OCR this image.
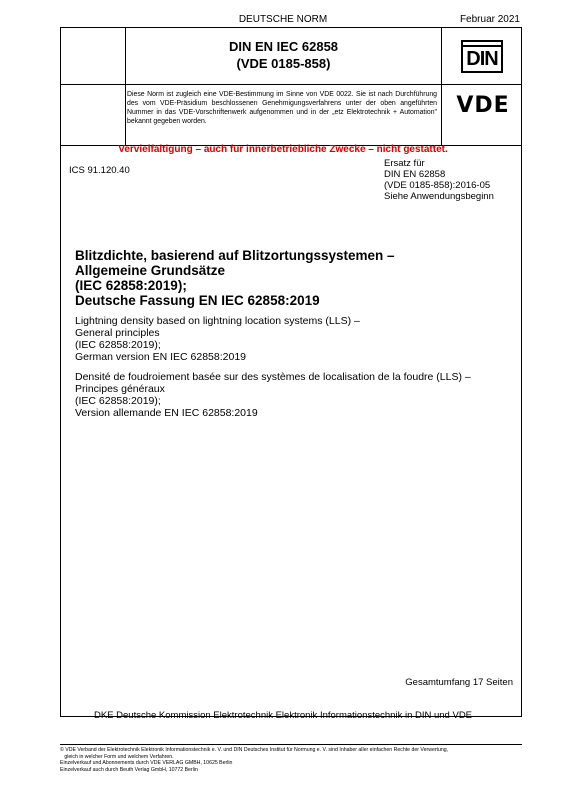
DEUTSCHE NORM	Februar 2021
DIN EN IEC 62858
(VDE 0185-858)	DIN
Diese Norm ist zugleich eine VDE-Bestimmung im Sinne von VDE 0022. Sie ist nach Durchführung des vom VDE-Präsidium beschlossenen Genehmigungsverfahrens unter der oben angeführten Nummer in das VDE-Vorschriftenwerk aufgenommen und in der „etz Elektrotechnik + Automation" bekannt gegeben worden.
VDE
Gesamtumfang 17 Seiten
Vervielfältigung – auch für innerbetriebliche Zwecke – nicht gestattet.
ICS 91.120.40
Ersatz für
DIN EN 62858
(VDE 0185-858):2016-05
Siehe Anwendungsbeginn
Blitzdichte, basierend auf Blitzortungssystemen –
Allgemeine Grundsätze
(IEC 62858:2019);
Deutsche Fassung EN IEC 62858:2019
Lightning density based on lightning location systems (LLS) –
General principles
(IEC 62858:2019);
German version EN IEC 62858:2019
Densité de foudroiement basée sur des systèmes de localisation de la foudre (LLS) –
Principes généraux
(IEC 62858:2019);
Version allemande EN IEC 62858:2019
DKE Deutsche Kommission Elektrotechnik Elektronik Informationstechnik in DIN und VDE
© VDE Verband der Elektrotechnik Elektronik Informationstechnik e. V. und DIN Deutsches Institut für Normung e. V. sind Inhaber aller einfachen Rechte der Verwertung,
gleich in welcher Form und welchem Verfahren.
Einzelverkauf und Abonnements durch VDE VERLAG GMBH, 10625 Berlin
Einzelverkauf auch durch Beuth Verlag GmbH, 10772 Berlin
